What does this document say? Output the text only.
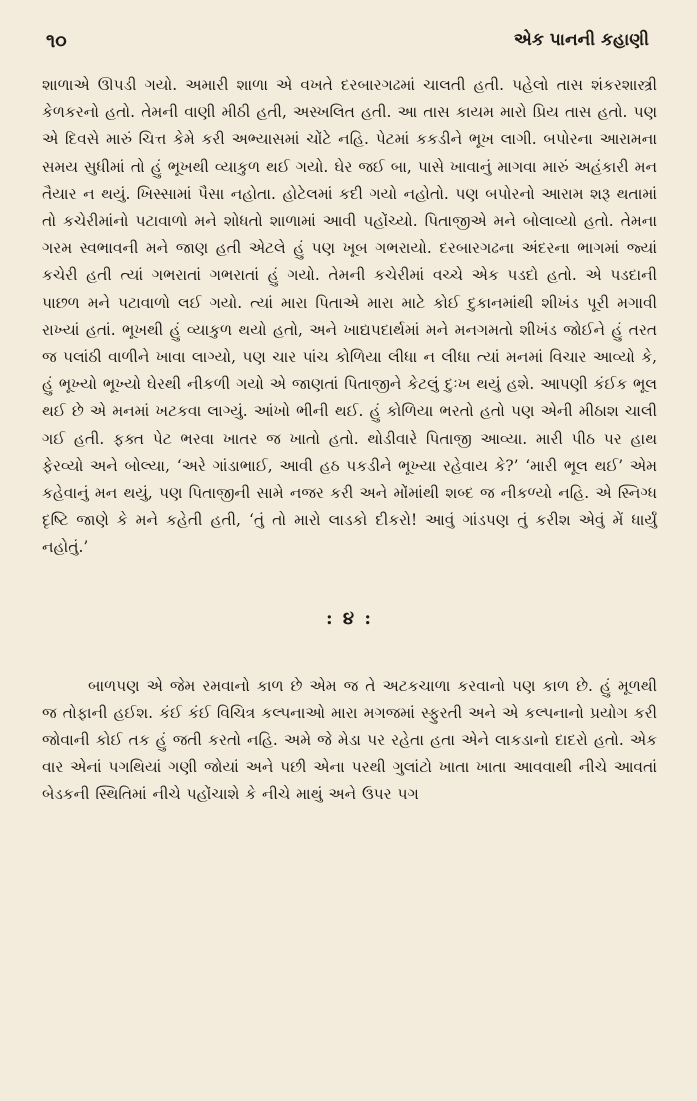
૧૦	એક પાનની કહાણી

શાળાએ ઊપડી ગયો. અમારી શાળા એ વખતે દરબારગઢમાં ચાલતી હતી. પહેલો તાસ શંકરશાસ્ત્રી કેળકરનો હતો. તેમની વાણી મીઠી હતી, અસ્ખલિત હતી. આ તાસ કાયમ મારો પ્રિય તાસ હતો. પણ એ દિવસે મારું ચિત્ત કેમે કરી અભ્યાસમાં ચોંટે નહિ. પેટમાં કકડીને ભૂખ લાગી. બપોરના આરામના સમય સુધીમાં તો હું ભૂખથી વ્યાકુળ થઈ ગયો. ઘેર જઈ બા, પાસે ખાવાનું માગવા મારું અહંકારી મન તૈયાર ન થયું. ખિસ્સામાં પૈસા નહોતા. હોટેલમાં કદી ગયો નહોતો. પણ બપોરનો આરામ શરૂ થતામાં તો કચેરીમાંનો પટાવાળો મને શોધતો શાળામાં આવી પહોંચ્યો. પિતાજીએ મને બોલાવ્યો હતો. તેમના ગરમ સ્વભાવની મને જાણ હતી એટલે હું પણ ખૂબ ગભરાયો. દરબારગઢના અંદરના ભાગમાં જ્યાં કચેરી હતી ત્યાં ગભરાતાં ગભરાતાં હું ગયો. તેમની કચેરીમાં વચ્ચે એક પડદો હતો. એ પડદાની પાછળ મને પટાવાળો લઈ ગયો. ત્યાં મારા પિતાએ મારા માટે કોઈ દુકાનમાંથી શીખંડ પૂરી મગાવી રાખ્યાં હતાં. ભૂખથી હું વ્યાકુળ થયો હતો, અને ખાદ્યપદાર્થમાં મને મનગમતો શીખંડ જોઈને હું તરત જ પલાંઠી વાળીને ખાવા લાગ્યો, પણ ચાર પાંચ કોળિયા લીધા ન લીધા ત્યાં મનમાં વિચાર આવ્યો કે, હું ભૂખ્યો ભૂખ્યો ઘેરથી નીકળી ગયો એ જાણતાં પિતાજીને કેટલું દુઃખ થયું હશે. આપણી કંઈક ભૂલ થઈ છે એ મનમાં ખટકવા લાગ્યું. આંખો ભીની થઈ. હું કોળિયા ભરતો હતો પણ એની મીઠાશ ચાલી ગઈ હતી. ફક્ત પેટ ભરવા ખાતર જ ખાતો હતો. થોડીવારે પિતાજી આવ્યા. મારી પીઠ પર હાથ ફેરવ્યો અને બોલ્યા, ‘અરે ગાંડાભાઈ, આવી હઠ પકડીને ભૂખ્યા રહેવાય કે?’ ‘મારી ભૂલ થઈ’ એમ કહેવાનું મન થયું, પણ પિતાજીની સામે નજર કરી અને મોંમાંથી શબ્દ જ નીકળ્યો નહિ. એ સ્નિગ્ધ દૃષ્ટિ જાણે કે મને કહેતી હતી, ‘તું તો મારો લાડકો દીકરો! આવું ગાંડપણ તું કરીશ એવું મેં ધાર્યું નહોતું.’

: ૪ :

બાળપણ એ જેમ રમવાનો કાળ છે એમ જ તે અટકચાળા કરવાનો પણ કાળ છે. હું મૂળથી જ તોફાની હઈશ. કંઈ કંઈ વિચિત્ર કલ્પનાઓ મારા મગજમાં સ્ફુરતી અને એ કલ્પનાનો પ્રયોગ કરી જોવાની કોઈ તક હું જતી કરતો નહિ. અમે જે મેડા પર રહેતા હતા એને લાકડાનો દાદરો હતો. એક વાર એનાં પગથિયાં ગણી જોયાં અને પછી એના પરથી ગુલાંટો ખાતા ખાતા આવવાથી નીચે આવતાં બેડકની સ્થિતિમાં નીચે પહોંચાશે કે નીચે માથું અને ઉપર પગ
